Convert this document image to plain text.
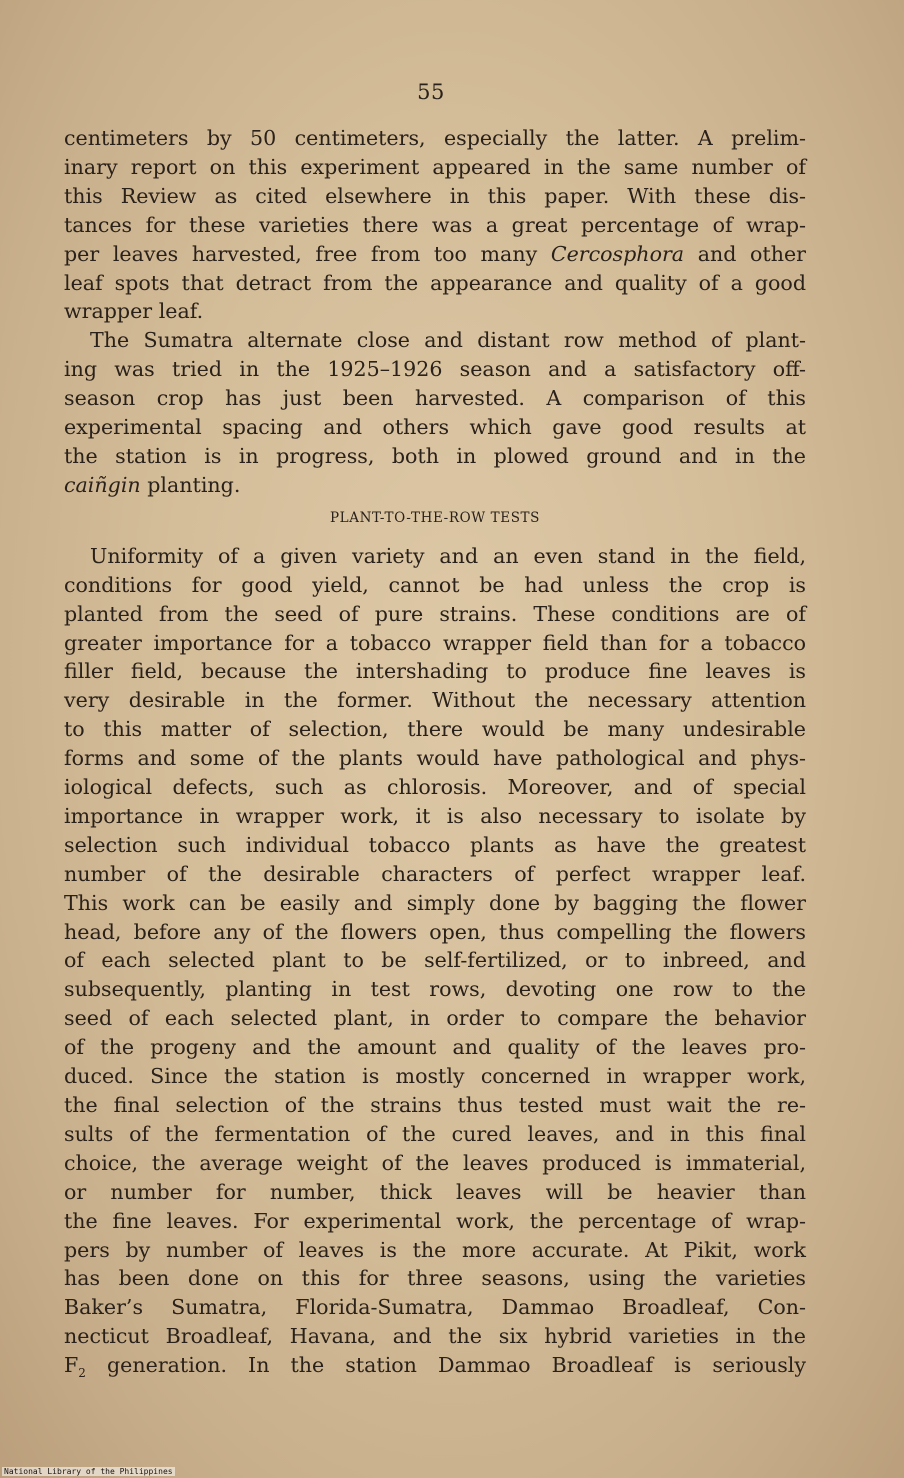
55

centimeters by 50 centimeters, especially the latter. A prelim-
inary report on this experiment appeared in the same number of
this Review as cited elsewhere in this paper. With these dis-
tances for these varieties there was a great percentage of wrap-
per leaves harvested, free from too many Cercosphora and other
leaf spots that detract from the appearance and quality of a good
wrapper leaf.

The Sumatra alternate close and distant row method of plant-
ing was tried in the 1925–1926 season and a satisfactory off-
season crop has just been harvested. A comparison of this
experimental spacing and others which gave good results at
the station is in progress, both in plowed ground and in the
caiñgin planting.

PLANT-TO-THE-ROW TESTS

Uniformity of a given variety and an even stand in the field,
conditions for good yield, cannot be had unless the crop is
planted from the seed of pure strains. These conditions are of
greater importance for a tobacco wrapper field than for a tobacco
filler field, because the intershading to produce fine leaves is
very desirable in the former. Without the necessary attention
to this matter of selection, there would be many undesirable
forms and some of the plants would have pathological and phys-
iological defects, such as chlorosis. Moreover, and of special
importance in wrapper work, it is also necessary to isolate by
selection such individual tobacco plants as have the greatest
number of the desirable characters of perfect wrapper leaf.
This work can be easily and simply done by bagging the flower
head, before any of the flowers open, thus compelling the flowers
of each selected plant to be self-fertilized, or to inbreed, and
subsequently, planting in test rows, devoting one row to the
seed of each selected plant, in order to compare the behavior
of the progeny and the amount and quality of the leaves pro-
duced. Since the station is mostly concerned in wrapper work,
the final selection of the strains thus tested must wait the re-
sults of the fermentation of the cured leaves, and in this final
choice, the average weight of the leaves produced is immaterial,
or number for number, thick leaves will be heavier than
the fine leaves. For experimental work, the percentage of wrap-
pers by number of leaves is the more accurate. At Pikit, work
has been done on this for three seasons, using the varieties
Baker’s Sumatra, Florida-Sumatra, Dammao Broadleaf, Con-
necticut Broadleaf, Havana, and the six hybrid varieties in the
$F_2$ generation. In the station Dammao Broadleaf is seriously

National Library of the Philippines
